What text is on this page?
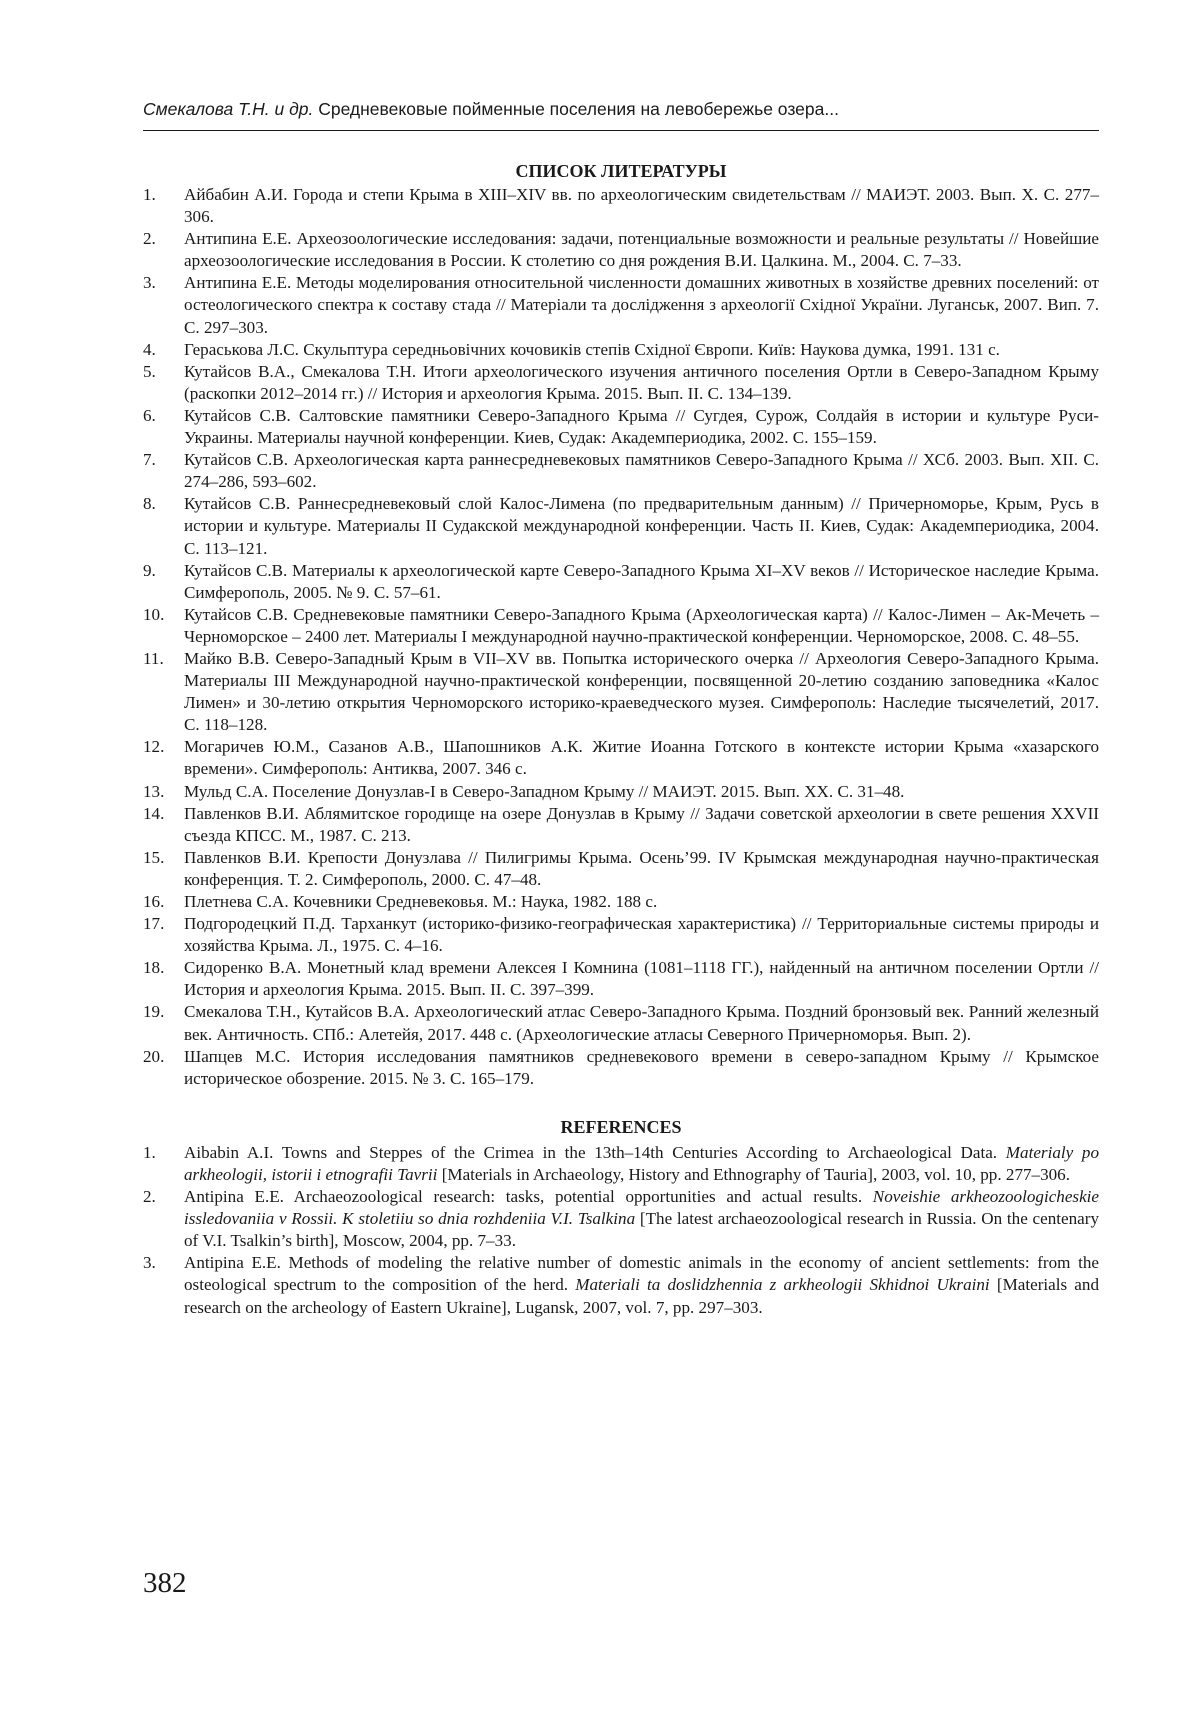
Смекалова Т.Н. и др. Средневековые пойменные поселения на левобережье озера...
СПИСОК ЛИТЕРАТУРЫ
1.	Айбабин А.И. Города и степи Крыма в XIII–XIV вв. по археологическим свидетельствам // МАИЭТ. 2003. Вып. Х. С. 277–306.
2.	Антипина Е.Е. Археозоологические исследования: задачи, потенциальные возможности и реальные результаты // Новейшие археозоологические исследования в России. К столетию со дня рождения В.И. Цалкина. М., 2004. С. 7–33.
3.	Антипина Е.Е. Методы моделирования относительной численности домашних животных в хозяйстве древних поселений: от остеологического спектра к составу стада // Матеріали та дослідження з археології Східної України. Луганськ, 2007. Вип. 7. С. 297–303.
4.	Гераськова Л.С. Скульптура середньовічних кочовиків степів Східної Європи. Київ: Наукова думка, 1991. 131 с.
5.	Кутайсов В.А., Смекалова Т.Н. Итоги археологического изучения античного поселения Ортли в Северо-Западном Крыму (раскопки 2012–2014 гг.) // История и археология Крыма. 2015. Вып. II. С. 134–139.
6.	Кутайсов С.В. Салтовские памятники Северо-Западного Крыма // Сугдея, Сурож, Солдайя в истории и культуре Руси-Украины. Материалы научной конференции. Киев, Судак: Академпериодика, 2002. С. 155–159.
7.	Кутайсов С.В. Археологическая карта раннесредневековых памятников Северо-Западного Крыма // ХСб. 2003. Вып. XII. С. 274–286, 593–602.
8.	Кутайсов С.В. Раннесредневековый слой Калос-Лимена (по предварительным данным) // Причерноморье, Крым, Русь в истории и культуре. Материалы II Судакской международной конференции. Часть II. Киев, Судак: Академпериодика, 2004. С. 113–121.
9.	Кутайсов С.В. Материалы к археологической карте Северо-Западного Крыма XI–XV веков // Историческое наследие Крыма. Симферополь, 2005. № 9. С. 57–61.
10.	Кутайсов С.В. Средневековые памятники Северо-Западного Крыма (Археологическая карта) // Калос-Лимен – Ак-Мечеть – Черноморское – 2400 лет. Материалы I международной научно-практической конференции. Черноморское, 2008. С. 48–55.
11.	Майко В.В. Северо-Западный Крым в VII–XV вв. Попытка исторического очерка // Археология Северо-Западного Крыма. Материалы III Международной научно-практической конференции, посвященной 20-летию созданию заповедника «Калос Лимен» и 30-летию открытия Черноморского историко-краеведческого музея. Симферополь: Наследие тысячелетий, 2017. С. 118–128.
12.	Могаричев Ю.М., Сазанов А.В., Шапошников А.К. Житие Иоанна Готского в контексте истории Крыма «хазарского времени». Симферополь: Антиква, 2007. 346 с.
13.	Мульд С.А. Поселение Донузлав-I в Северо-Западном Крыму // МАИЭТ. 2015. Вып. XX. С. 31–48.
14.	Павленков В.И. Аблямитское городище на озере Донузлав в Крыму // Задачи советской археологии в свете решения XXVII съезда КПСС. М., 1987. С. 213.
15.	Павленков В.И. Крепости Донузлава // Пилигримы Крыма. Осень’99. IV Крымская международная научно-практическая конференция. Т. 2. Симферополь, 2000. С. 47–48.
16.	Плетнева С.А. Кочевники Средневековья. М.: Наука, 1982. 188 с.
17.	Подгородецкий П.Д. Тарханкут (историко-физико-географическая характеристика) // Территориальные системы природы и хозяйства Крыма. Л., 1975. С. 4–16.
18.	Сидоренко В.А. Монетный клад времени Алексея I Комнина (1081–1118 ГГ.), найденный на античном поселении Ортли // История и археология Крыма. 2015. Вып. II. С. 397–399.
19.	Смекалова Т.Н., Кутайсов В.А. Археологический атлас Северо-Западного Крыма. Поздний бронзовый век. Ранний железный век. Античность. СПб.: Алетейя, 2017. 448 с. (Археологические атласы Северного Причерноморья. Вып. 2).
20.	Шапцев М.С. История исследования памятников средневекового времени в северо-западном Крыму // Крымское историческое обозрение. 2015. № 3. С. 165–179.
REFERENCES
1.	Aibabin A.I. Towns and Steppes of the Crimea in the 13th–14th Centuries According to Archaeological Data. Materialy po arkheologii, istorii i etnografii Tavrii [Materials in Archaeology, History and Ethnography of Tauria], 2003, vol. 10, pp. 277–306.
2.	Antipina E.E. Archaeozoological research: tasks, potential opportunities and actual results. Noveishie arkheozoologicheskie issledovaniia v Rossii. K stoletiiu so dnia rozhdeniia V.I. Tsalkina [The latest archaeozoological research in Russia. On the centenary of V.I. Tsalkin’s birth], Moscow, 2004, pp. 7–33.
3.	Antipina E.E. Methods of modeling the relative number of domestic animals in the economy of ancient settlements: from the osteological spectrum to the composition of the herd. Materiali ta doslidzhennia z arkheologii Skhidnoi Ukraini [Materials and research on the archeology of Eastern Ukraine], Lugansk, 2007, vol. 7, pp. 297–303.
382
